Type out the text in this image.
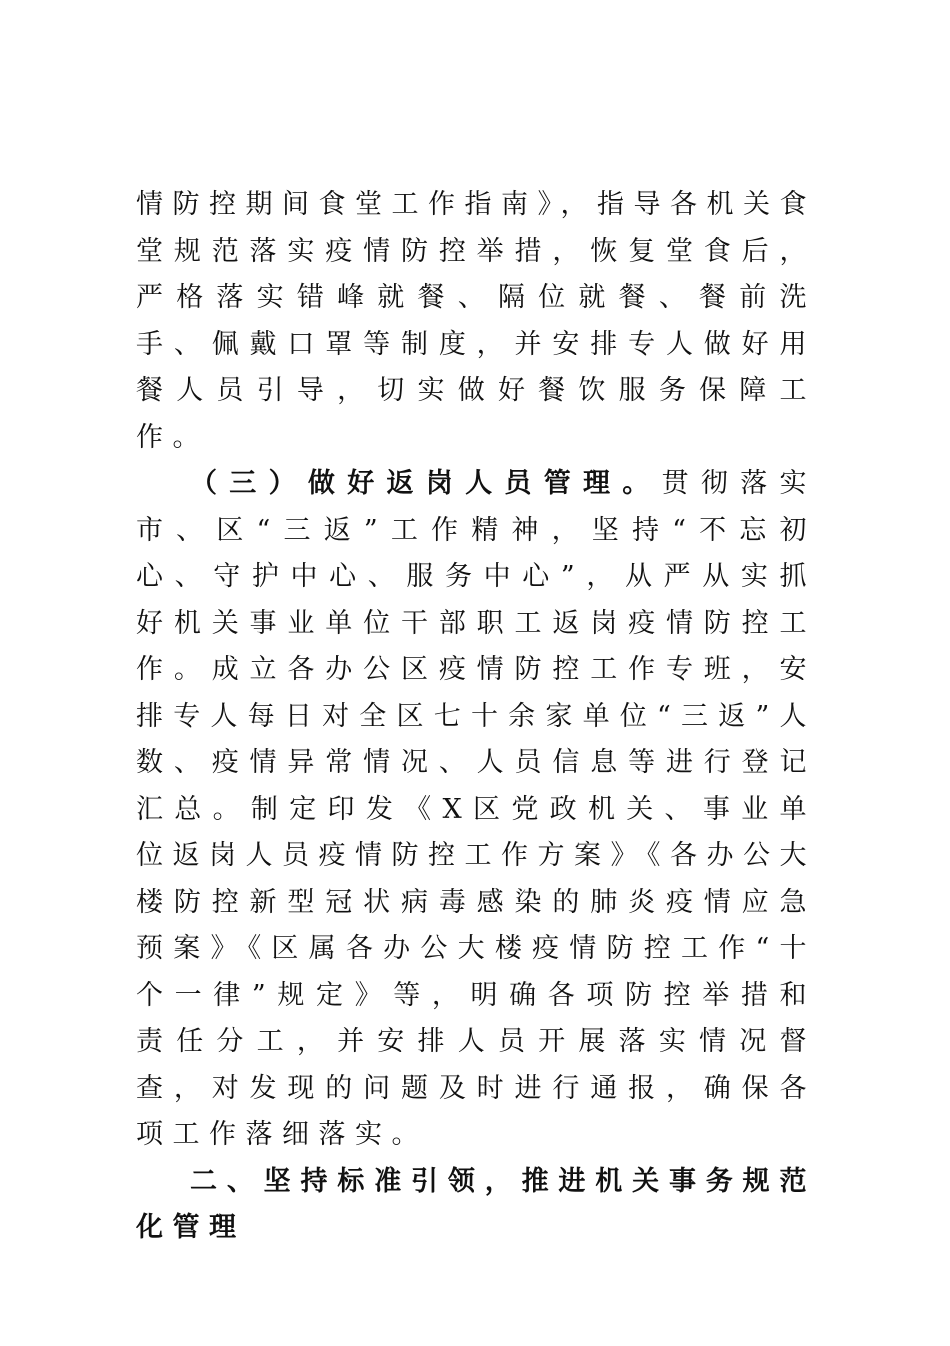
情防控期间食堂工作指南》，指导各机关食堂规范落实疫情防控举措，恢复堂食后，严格落实错峰就餐、隔位就餐、餐前洗手、佩戴口罩等制度，并安排专人做好用餐人员引导，切实做好餐饮服务保障工作。

（三）做好返岗人员管理。贯彻落实市、区“三返”工作精神，坚持“不忘初心、守护中心、服务中心”，从严从实抓好机关事业单位干部职工返岗疫情防控工作。成立各办公区疫情防控工作专班，安排专人每日对全区七十余家单位“三返”人数、疫情异常情况、人员信息等进行登记汇总。制定印发《X区党政机关、事业单位返岗人员疫情防控工作方案》《各办公大楼防控新型冠状病毒感染的肺炎疫情应急预案》《区属各办公大楼疫情防控工作“十个一律”规定》等，明确各项防控举措和责任分工，并安排人员开展落实情况督查，对发现的问题及时进行通报，确保各项工作落细落实。

二、坚持标准引领，推进机关事务规范化管理
